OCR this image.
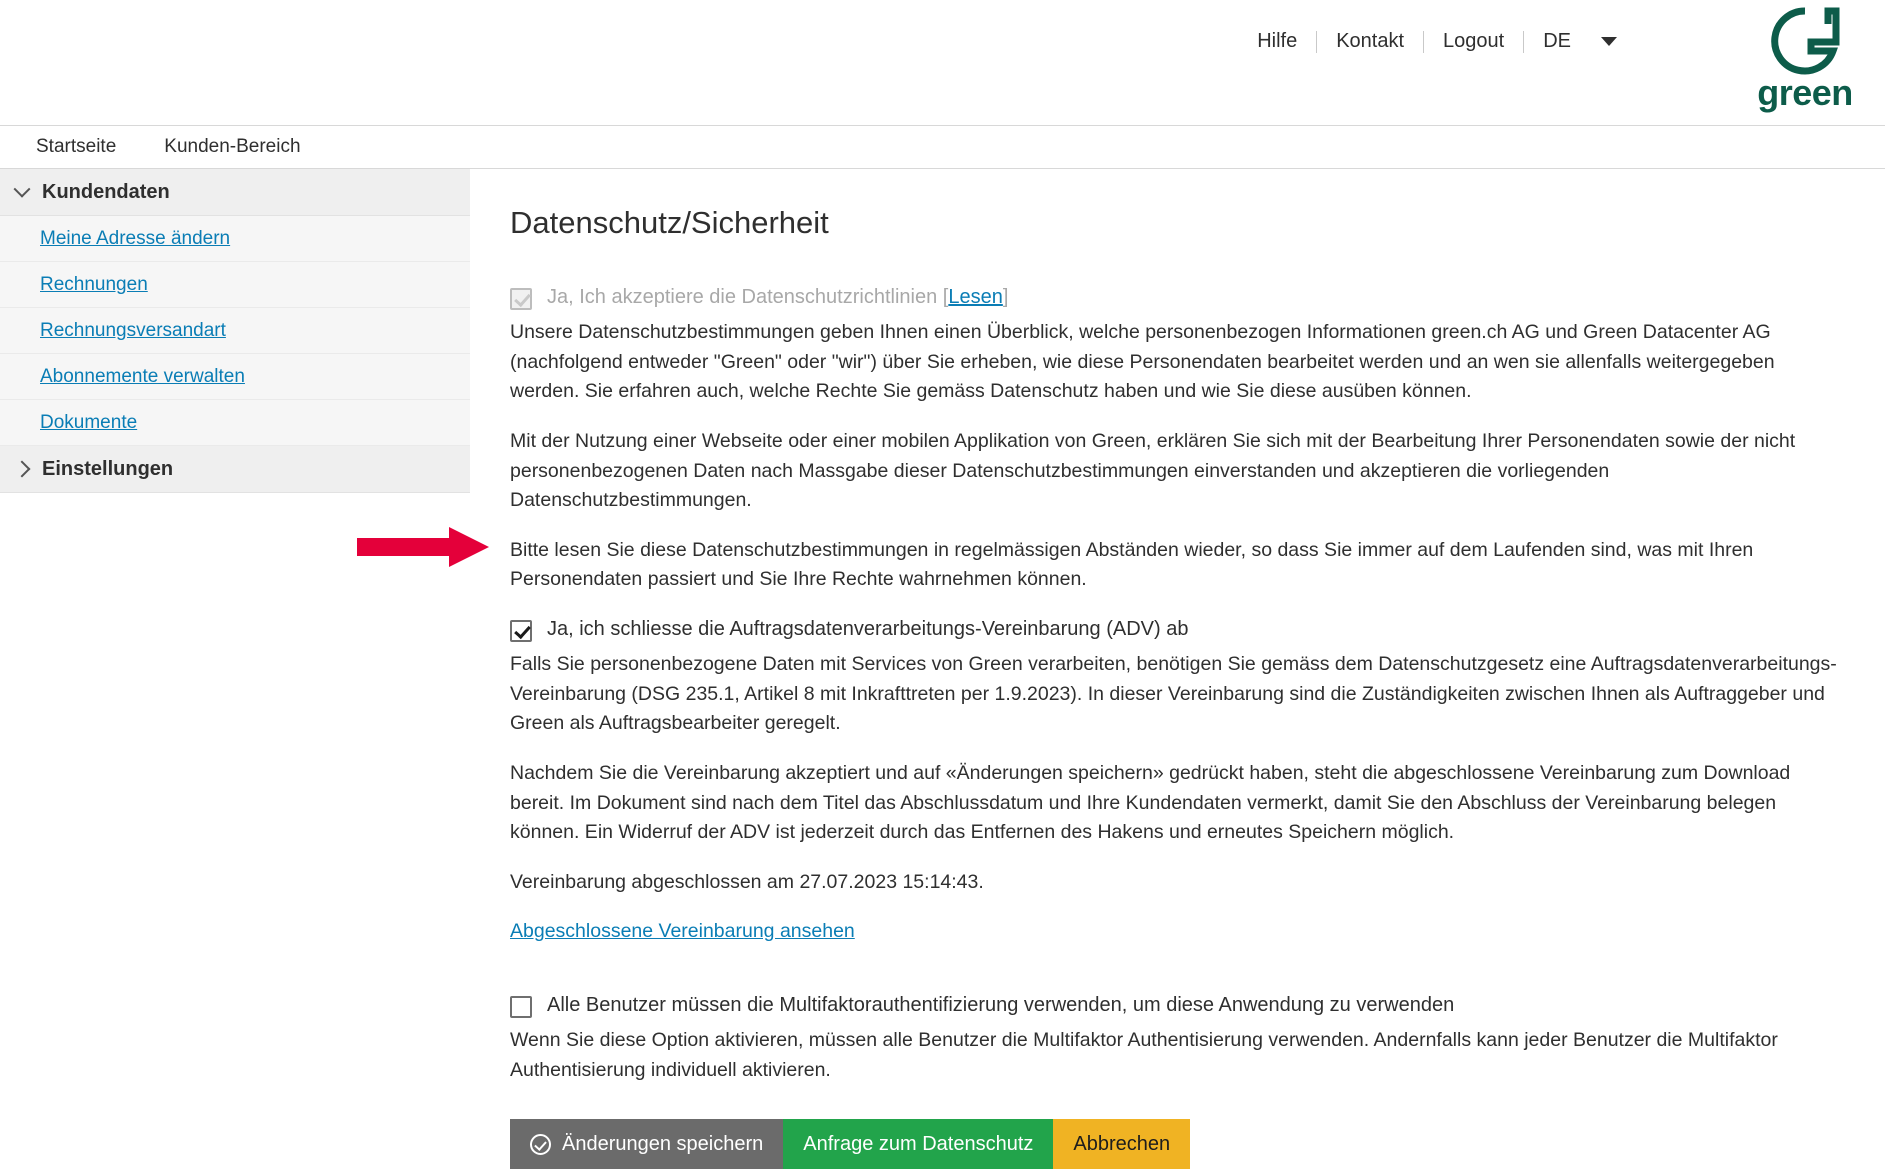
Hilfe	Kontakt	Logout	DE
green
Startseite	Kunden-Bereich
Kundendaten
Meine Adresse ändern
Rechnungen
Rechnungsversandart
Abonnemente verwalten
Dokumente
Einstellungen
Datenschutz/Sicherheit
Ja, Ich akzeptiere die Datenschutzrichtlinien [Lesen]

Unsere Datenschutzbestimmungen geben Ihnen einen Überblick, welche personenbezogen Informationen green.ch AG und Green Datacenter AG (nachfolgend entweder "Green" oder "wir") über Sie erheben, wie diese Personendaten bearbeitet werden und an wen sie allenfalls weitergegeben werden. Sie erfahren auch, welche Rechte Sie gemäss Datenschutz haben und wie Sie diese ausüben können.

Mit der Nutzung einer Webseite oder einer mobilen Applikation von Green, erklären Sie sich mit der Bearbeitung Ihrer Personendaten sowie der nicht personenbezogenen Daten nach Massgabe dieser Datenschutzbestimmungen einverstanden und akzeptieren die vorliegenden Datenschutzbestimmungen.

Bitte lesen Sie diese Datenschutzbestimmungen in regelmässigen Abständen wieder, so dass Sie immer auf dem Laufenden sind, was mit Ihren Personendaten passiert und Sie Ihre Rechte wahrnehmen können.

Ja, ich schliesse die Auftragsdatenverarbeitungs-Vereinbarung (ADV) ab

Falls Sie personenbezogene Daten mit Services von Green verarbeiten, benötigen Sie gemäss dem Datenschutzgesetz eine Auftragsdatenverarbeitungs-Vereinbarung (DSG 235.1, Artikel 8 mit Inkrafttreten per 1.9.2023). In dieser Vereinbarung sind die Zuständigkeiten zwischen Ihnen als Auftraggeber und Green als Auftragsbearbeiter geregelt.

Nachdem Sie die Vereinbarung akzeptiert und auf «Änderungen speichern» gedrückt haben, steht die abgeschlossene Vereinbarung zum Download bereit. Im Dokument sind nach dem Titel das Abschlussdatum und Ihre Kundendaten vermerkt, damit Sie den Abschluss der Vereinbarung belegen können. Ein Widerruf der ADV ist jederzeit durch das Entfernen des Hakens und erneutes Speichern möglich.

Vereinbarung abgeschlossen am 27.07.2023 15:14:43.

Abgeschlossene Vereinbarung ansehen

Alle Benutzer müssen die Multifaktorauthentifizierung verwenden, um diese Anwendung zu verwenden

Wenn Sie diese Option aktivieren, müssen alle Benutzer die Multifaktor Authentisierung verwenden. Andernfalls kann jeder Benutzer die Multifaktor Authentisierung individuell aktivieren.

Änderungen speichern Anfrage zum Datenschutz Abbrechen
